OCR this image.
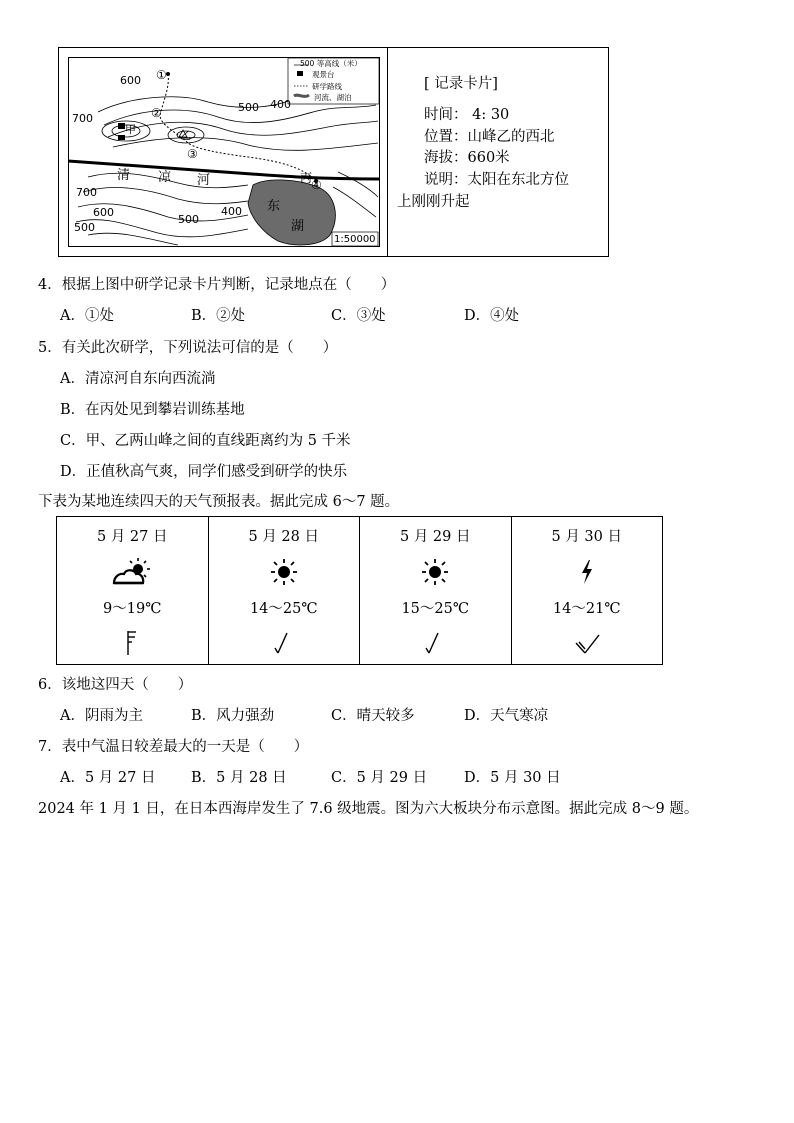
500 等高线（米）
观景台
研学路线
河流、湖泊
600
500 400
700
700
600
500
500
400
清 凉 河
东
湖
甲	乙
丙
①
②
③
④
1:50000
[ 记录卡片]
时间： 4: 30
位置：山峰乙的西北
海拔：660米
说明：太阳在东北方位
上刚刚升起
4．根据上图中研学记录卡片判断，记录地点在（　　）
A．①处	B．②处	C．③处	D．④处
5．有关此次研学，下列说法可信的是（　　）
A．清凉河自东向西流淌
B．在丙处见到攀岩训练基地
C．甲、乙两山峰之间的直线距离约为 5 千米
D．正值秋高气爽，同学们感受到研学的快乐
下表为某地连续四天的天气预报表。据此完成 6～7 题。
5 月 27 日
9～19℃

5 月 28 日
14～25℃

5 月 29 日
15～25℃

5 月 30 日
14～21℃
6．该地这四天（　　）
A．阴雨为主	B．风力强劲	C．晴天较多	D．天气寒凉
7．表中气温日较差最大的一天是（　　）
A．5 月 27 日 B．5 月 28 日	C．5 月 29 日	D．5 月 30 日
2024 年 1 月 1 日，在日本西海岸发生了 7.6 级地震。图为六大板块分布示意图。据此完成 8～9 题。
